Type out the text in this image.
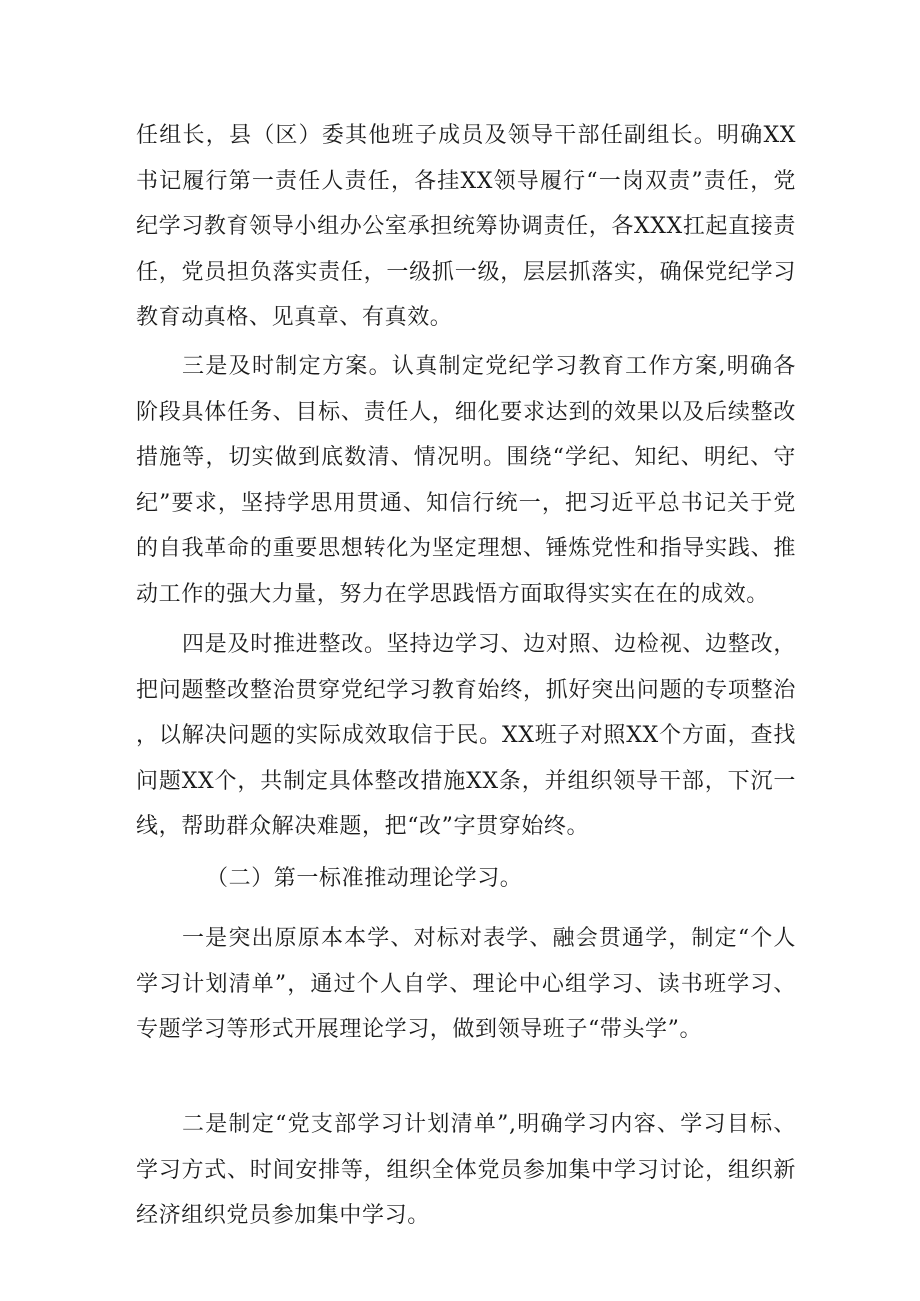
任组长，县（区）委其他班子成员及领导干部任副组长。明确XX书记履行第一责任人责任，各挂XX领导履行“一岗双责”责任，党纪学习教育领导小组办公室承担统筹协调责任，各XXX扛起直接责任，党员担负落实责任，一级抓一级，层层抓落实，确保党纪学习教育动真格、见真章、有真效。

三是及时制定方案。认真制定党纪学习教育工作方案,明确各阶段具体任务、目标、责任人，细化要求达到的效果以及后续整改措施等，切实做到底数清、情况明。围绕“学纪、知纪、明纪、守纪”要求，坚持学思用贯通、知信行统一，把习近平总书记关于党的自我革命的重要思想转化为坚定理想、锤炼党性和指导实践、推动工作的强大力量，努力在学思践悟方面取得实实在在的成效。

四是及时推进整改。坚持边学习、边对照、边检视、边整改，把问题整改整治贯穿党纪学习教育始终，抓好突出问题的专项整治，以解决问题的实际成效取信于民。XX班子对照XX个方面，查找问题XX个，共制定具体整改措施XX条，并组织领导干部，下沉一线，帮助群众解决难题，把“改”字贯穿始终。

（二）第一标准推动理论学习。

一是突出原原本本学、对标对表学、融会贯通学，制定“个人学习计划清单”，通过个人自学、理论中心组学习、读书班学习、专题学习等形式开展理论学习，做到领导班子“带头学”。

二是制定“党支部学习计划清单”,明确学习内容、学习目标、学习方式、时间安排等，组织全体党员参加集中学习讨论，组织新经济组织党员参加集中学习。
